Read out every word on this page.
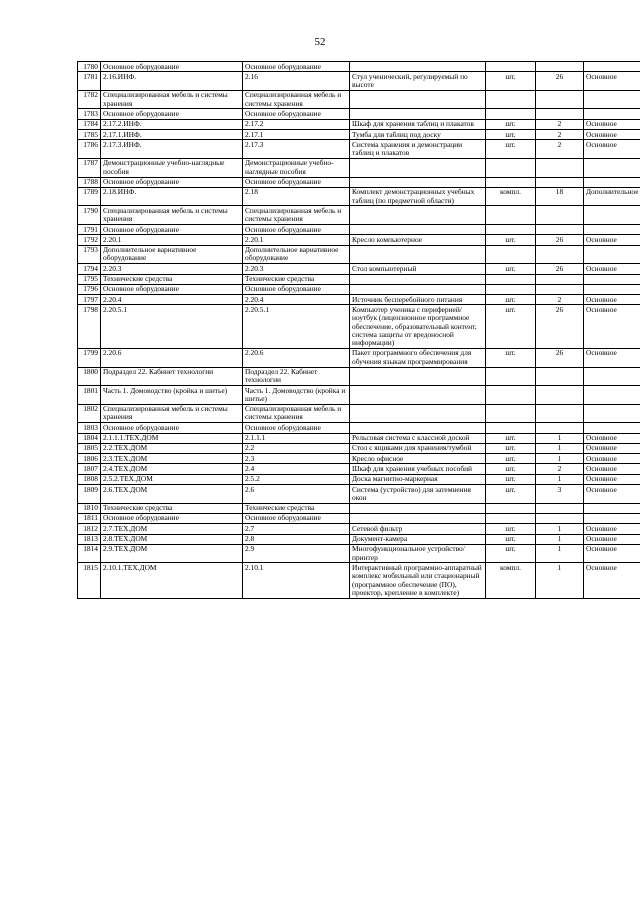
52
1780	Основное оборудование	Основное оборудование				
1781	2.16.ИНФ.	2.16	Стул ученический, регулируемый по высоте	шт.	26	Основное
1782	Специализированная мебель и системы хранения	Специализированная мебель и системы хранения				
1783	Основное оборудование	Основное оборудование				
1784	2.17.2.ИНФ.	2.17.2	Шкаф для хранения таблиц и плакатов	шт.	2	Основное
1785	2.17.1.ИНФ.	2.17.1	Тумба для таблиц под доску	шт.	2	Основное
1786	2.17.3.ИНФ.	2.17.3	Система хранения и демонстрации таблиц и плакатов	шт.	2	Основное
1787	Демонстрационные учебно-наглядные пособия	Демонстрационные учебно-наглядные пособия				
1788	Основное оборудование	Основное оборудование				
1789	2.18.ИНФ.	2.18	Комплект демонстрационных учебных таблиц (по предметной области)	компл.	18	Дополнительное
1790	Специализированная мебель и системы хранения	Специализированная мебель и системы хранения				
1791	Основное оборудование	Основное оборудование				
1792	2.20.1	2.20.1	Кресло компьютерное	шт.	26	Основное
1793	Дополнительное вариативное оборудование	Дополнительное вариативное оборудование				
1794	2.20.3	2.20.3	Стол компьютерный	шт.	26	Основное
1795	Технические средства	Технические средства				
1796	Основное оборудование	Основное оборудование				
1797	2.20.4	2.20.4	Источник бесперебойного питания	шт.	2	Основное
1798	2.20.5.1	2.20.5.1	Компьютер ученика с периферией/ноутбук (лицензионное программное обеспечение, образовательный контент, система защиты от вредоносной информации)	шт.	26	Основное
1799	2.20.6	2.20.6	Пакет программного обеспечения для обучения языкам программирования	шт.	26	Основное
1800	Подраздел 22. Кабинет технологии	Подраздел 22. Кабинет технологии				
1801	Часть 1. Домоводство (кройка и шитье)	Часть 1. Домоводство (кройка и шитье)				
1802	Специализированная мебель и системы хранения	Специализированная мебель и системы хранения				
1803	Основное оборудование	Основное оборудование				
1804	2.1.1.1.ТЕХ.ДОМ	2.1.1.1	Рельсовая система с классной доской	шт.	1	Основное
1805	2.2.ТЕХ.ДОМ	2.2	Стол с ящиками для хранения/тумбой	шт.	1	Основное
1806	2.3.ТЕХ.ДОМ	2.3	Кресло офисное	шт.	1	Основное
1807	2.4.ТЕХ.ДОМ	2.4	Шкаф для хранения учебных пособий	шт.	2	Основное
1808	2.5.2.ТЕХ.ДОМ	2.5.2	Доска магнитно-маркерная	шт.	1	Основное
1809	2.6.ТЕХ.ДОМ	2.6	Система (устройство) для затемнения окон	шт.	3	Основное
1810	Технические средства	Технические средства				
1811	Основное оборудование	Основное оборудование				
1812	2.7.ТЕХ.ДОМ	2.7	Сетевой фильтр	шт.	1	Основное
1813	2.8.ТЕХ.ДОМ	2.8	Документ-камера	шт.	1	Основное
1814	2.9.ТЕХ.ДОМ	2.9	Многофункциональное устройство/принтер	шт.	1	Основное
1815	2.10.1.ТЕХ.ДОМ	2.10.1	Интерактивный программно-аппаратный комплекс мобильный или стационарный (программное обеспечение (ПО), проектор, крепление в комплекте)	компл.	1	Основное
